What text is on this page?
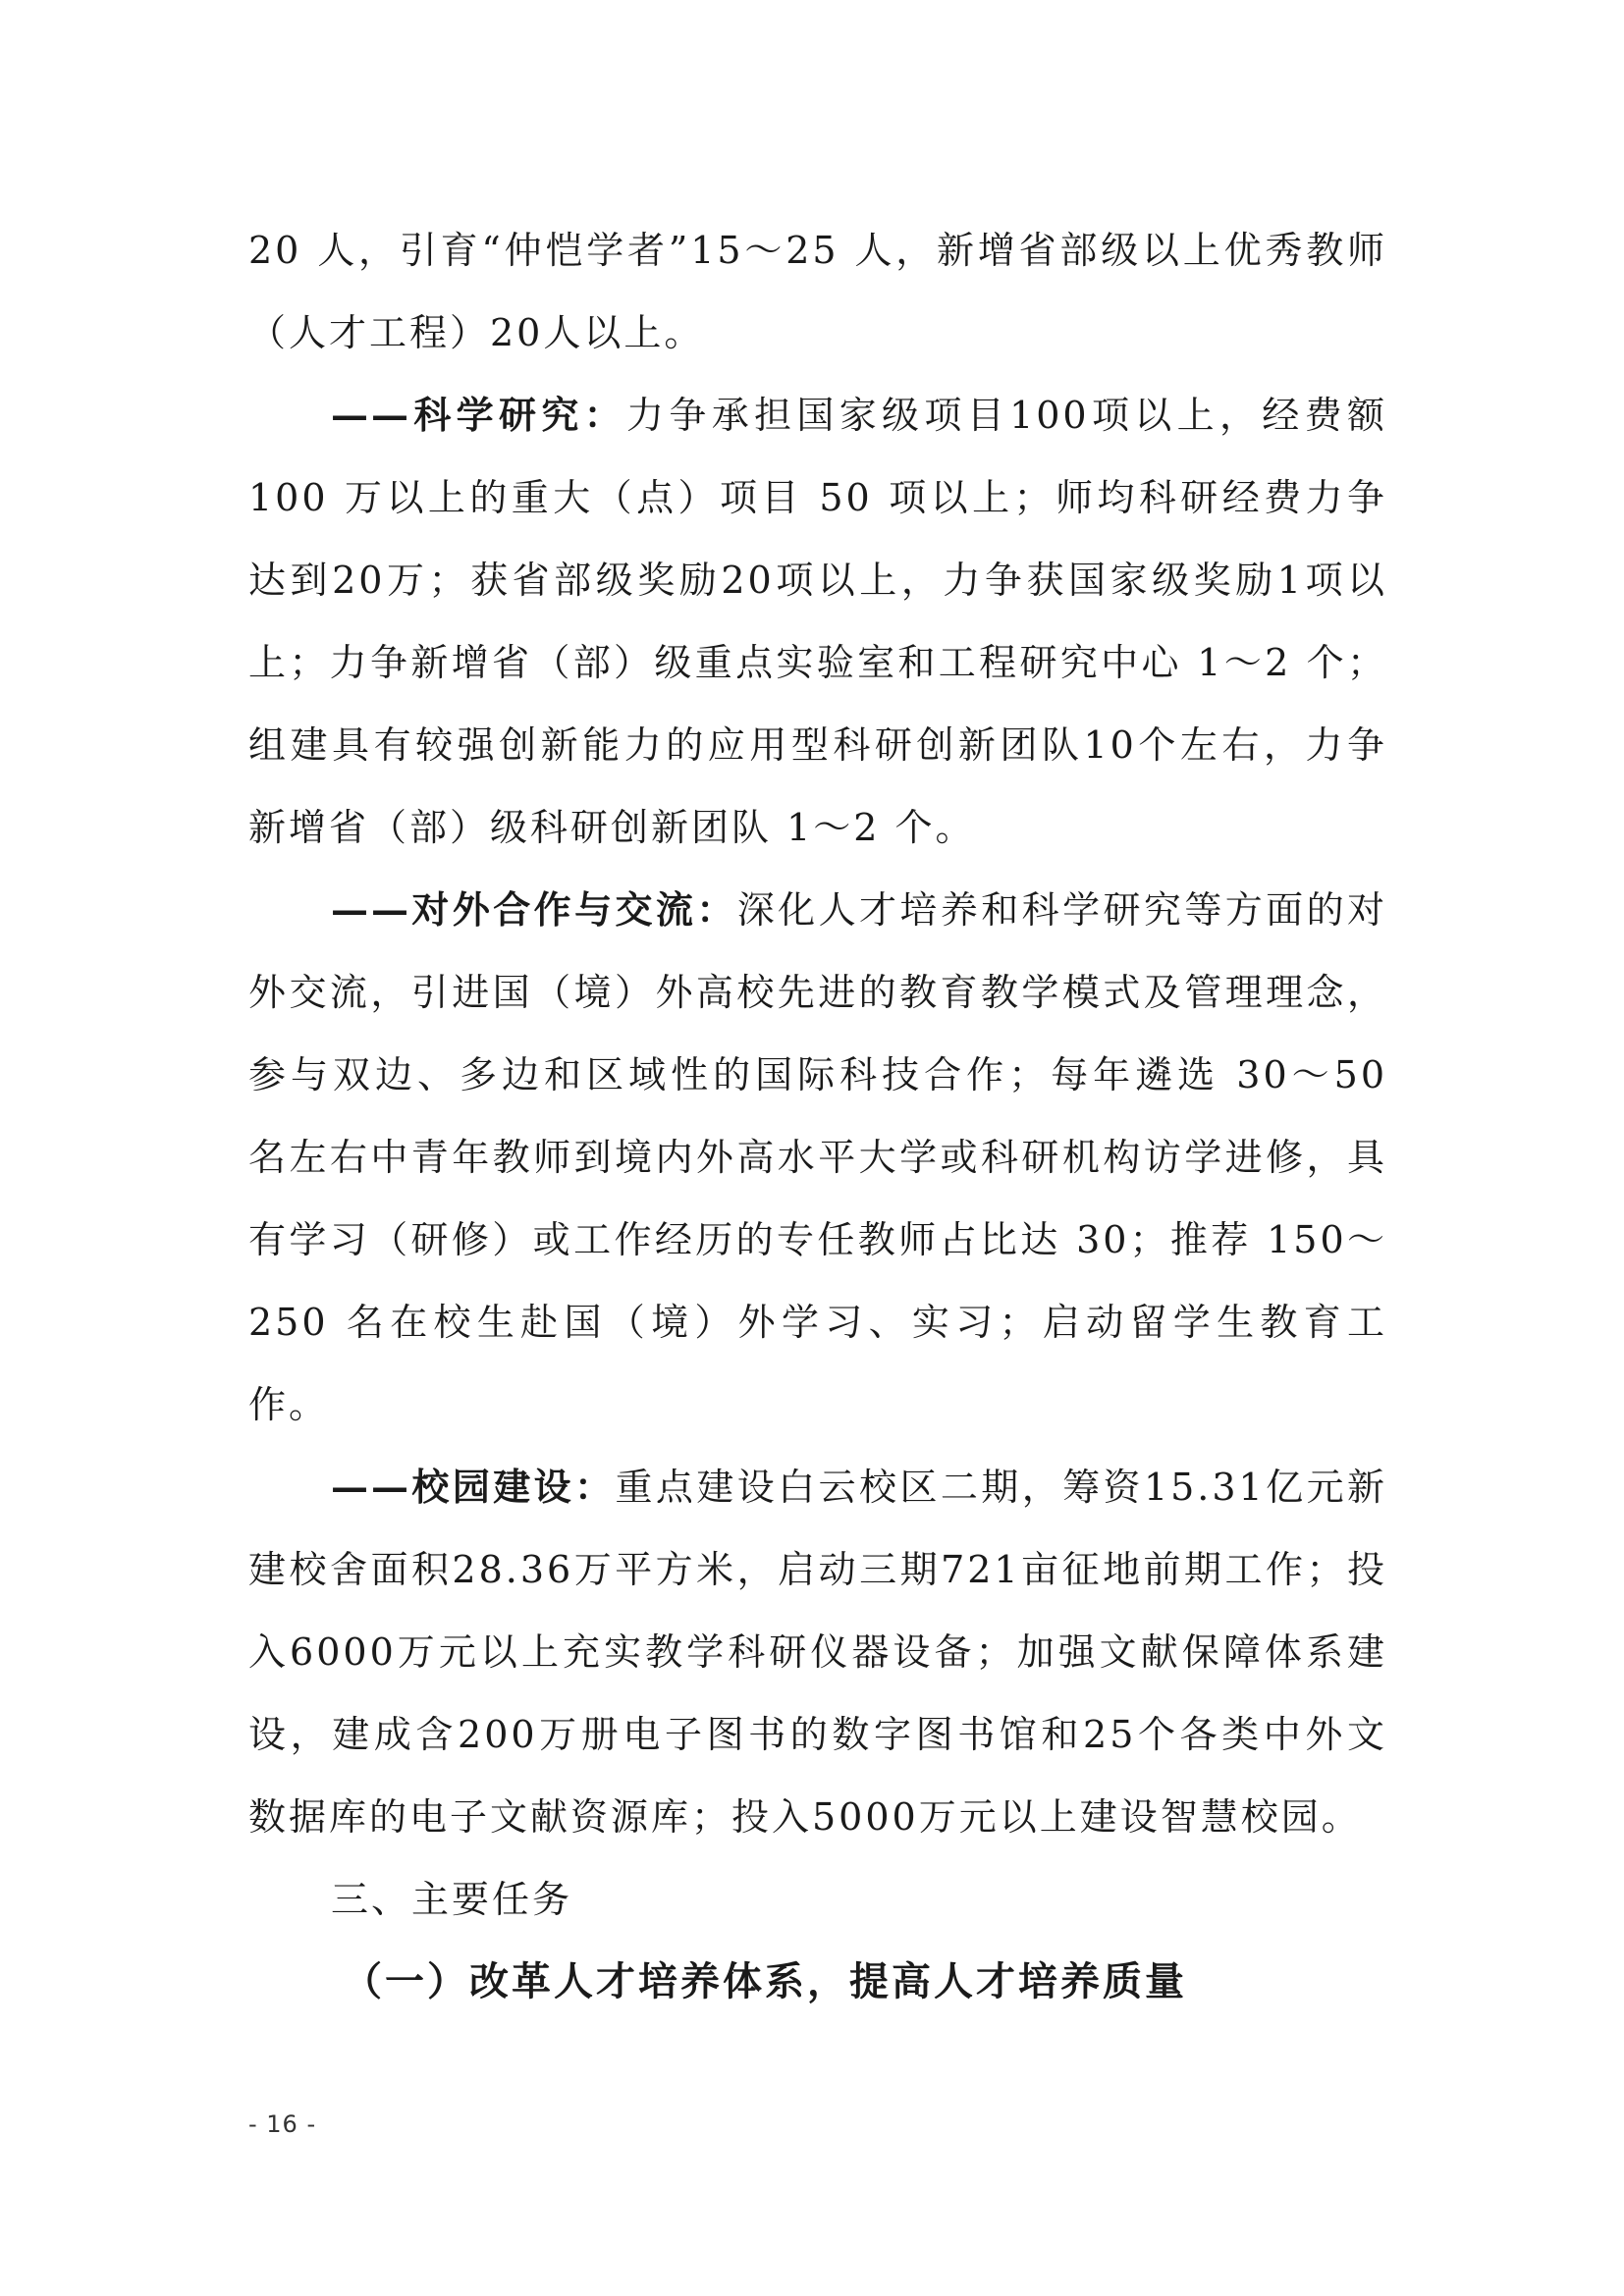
20 人，引育“仲恺学者”15～25 人，新增省部级以上优秀教师（人才工程）20人以上。

——科学研究：力争承担国家级项目100项以上，经费额 100 万以上的重大（点）项目 50 项以上；师均科研经费力争达到20万；获省部级奖励20项以上，力争获国家级奖励1项以上；力争新增省（部）级重点实验室和工程研究中心 1～2 个；组建具有较强创新能力的应用型科研创新团队10个左右，力争新增省（部）级科研创新团队 1～2 个。

——对外合作与交流：深化人才培养和科学研究等方面的对外交流，引进国（境）外高校先进的教育教学模式及管理理念，参与双边、多边和区域性的国际科技合作；每年遴选 30～50 名左右中青年教师到境内外高水平大学或科研机构访学进修，具有学习（研修）或工作经历的专任教师占比达 30；推荐 150～250 名在校生赴国（境）外学习、实习；启动留学生教育工作。

——校园建设：重点建设白云校区二期，筹资15.31亿元新建校舍面积28.36万平方米，启动三期721亩征地前期工作；投入6000万元以上充实教学科研仪器设备；加强文献保障体系建设，建成含200万册电子图书的数字图书馆和25个各类中外文数据库的电子文献资源库；投入5000万元以上建设智慧校园。

三、主要任务

（一）改革人才培养体系，提高人才培养质量

- 16 -
